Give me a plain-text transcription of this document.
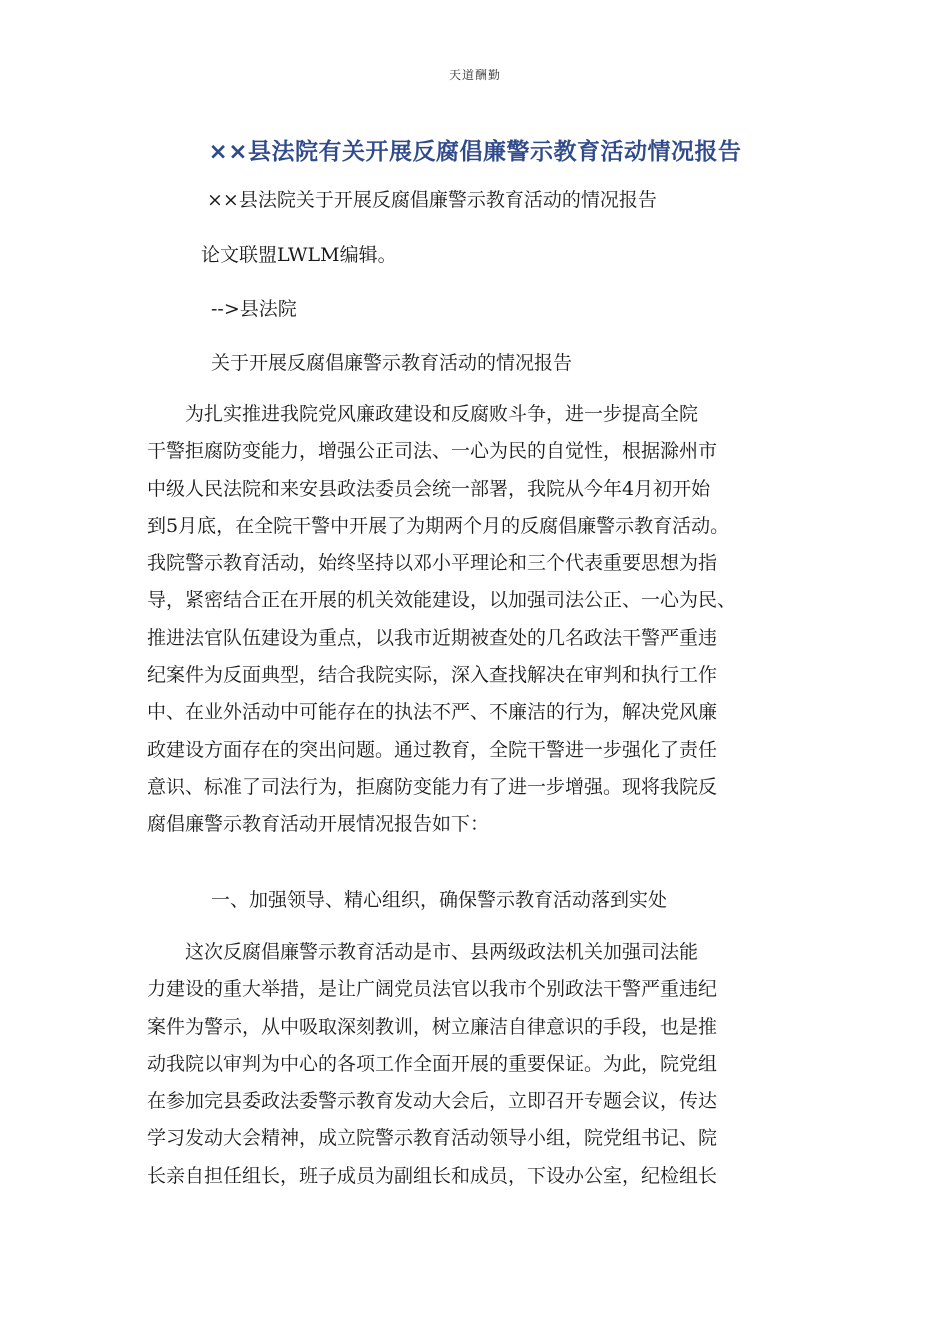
天道酬勤
××县法院有关开展反腐倡廉警示教育活动情况报告
××县法院关于开展反腐倡廉警示教育活动的情况报告
论文联盟LWLM编辑。
-->县法院
关于开展反腐倡廉警示教育活动的情况报告
　　为扎实推进我院党风廉政建设和反腐败斗争，进一步提高全院
干警拒腐防变能力，增强公正司法、一心为民的自觉性，根据滁州市
中级人民法院和来安县政法委员会统一部署，我院从今年4月初开始
到5月底，在全院干警中开展了为期两个月的反腐倡廉警示教育活动。
我院警示教育活动，始终坚持以邓小平理论和三个代表重要思想为指
导，紧密结合正在开展的机关效能建设，以加强司法公正、一心为民、
推进法官队伍建设为重点，以我市近期被查处的几名政法干警严重违
纪案件为反面典型，结合我院实际，深入查找解决在审判和执行工作
中、在业外活动中可能存在的执法不严、不廉洁的行为，解决党风廉
政建设方面存在的突出问题。通过教育，全院干警进一步强化了责任
意识、标准了司法行为，拒腐防变能力有了进一步增强。现将我院反
腐倡廉警示教育活动开展情况报告如下：
一、加强领导、精心组织，确保警示教育活动落到实处
　　这次反腐倡廉警示教育活动是市、县两级政法机关加强司法能
力建设的重大举措，是让广阔党员法官以我市个别政法干警严重违纪
案件为警示，从中吸取深刻教训，树立廉洁自律意识的手段，也是推
动我院以审判为中心的各项工作全面开展的重要保证。为此，院党组
在参加完县委政法委警示教育发动大会后，立即召开专题会议，传达
学习发动大会精神，成立院警示教育活动领导小组，院党组书记、院
长亲自担任组长，班子成员为副组长和成员，下设办公室，纪检组长
